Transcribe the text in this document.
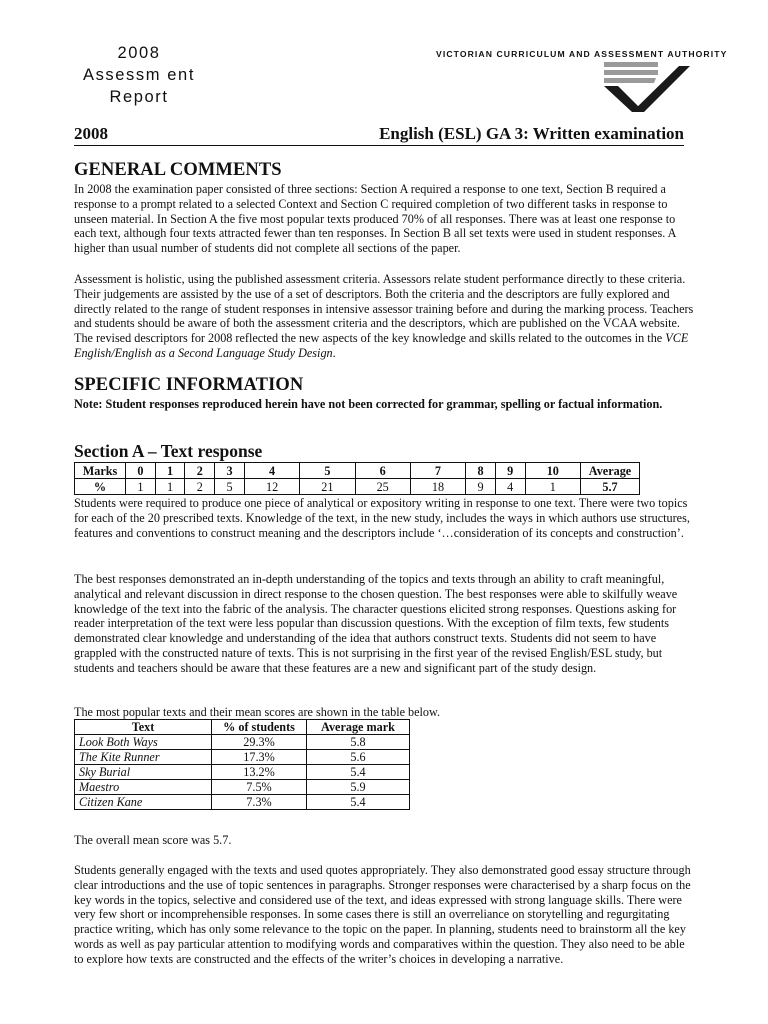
2008
Assessm ent
Report
VICTORIAN CURRICULUM AND ASSESSMENT AUTHORITY
2008	English (ESL) GA 3: Written examination
GENERAL COMMENTS

In 2008 the examination paper consisted of three sections: Section A required a response to one text, Section B required a response to a prompt related to a selected Context and Section C required completion of two different tasks in response to unseen material. In Section A the five most popular texts produced 70% of all responses. There was at least one response to each text, although four texts attracted fewer than ten responses. In Section B all set texts were used in student responses. A higher than usual number of students did not complete all sections of the paper.

Assessment is holistic, using the published assessment criteria. Assessors relate student performance directly to these criteria. Their judgements are assisted by the use of a set of descriptors. Both the criteria and the descriptors are fully explored and directly related to the range of student responses in intensive assessor training before and during the marking process. Teachers and students should be aware of both the assessment criteria and the descriptors, which are published on the VCAA website. The revised descriptors for 2008 reflected the new aspects of the key knowledge and skills related to the outcomes in the VCE English/English as a Second Language Study Design.

SPECIFIC INFORMATION
Note: Student responses reproduced herein have not been corrected for grammar, spelling or factual information.
Section A – Text response
Marks	0	1	2	3	4	5	6	7	8	9	10	Average
%	1	1	2	5	12	21	25	18	9	4	1	5.7

Students were required to produce one piece of analytical or expository writing in response to one text. There were two topics for each of the 20 prescribed texts. Knowledge of the text, in the new study, includes the ways in which authors use structures, features and conventions to construct meaning and the descriptors include ‘…consideration of its concepts and construction’.

The best responses demonstrated an in-depth understanding of the topics and texts through an ability to craft meaningful, analytical and relevant discussion in direct response to the chosen question. The best responses were able to skilfully weave knowledge of the text into the fabric of the analysis. The character questions elicited strong responses. Questions asking for reader interpretation of the text were less popular than discussion questions. With the exception of film texts, few students demonstrated clear knowledge and understanding of the idea that authors construct texts. Students did not seem to have grappled with the constructed nature of texts. This is not surprising in the first year of the revised English/ESL study, but students and teachers should be aware that these features are a new and significant part of the study design.

The most popular texts and their mean scores are shown in the table below.

Text	% of students	Average mark
Look Both Ways	29.3%	5.8
The Kite Runner	17.3%	5.6
Sky Burial	13.2%	5.4
Maestro	7.5%	5.9
Citizen Kane	7.3%	5.4

The overall mean score was 5.7.

Students generally engaged with the texts and used quotes appropriately. They also demonstrated good essay structure through clear introductions and the use of topic sentences in paragraphs. Stronger responses were characterised by a sharp focus on the key words in the topics, selective and considered use of the text, and ideas expressed with strong language skills. There were very few short or incomprehensible responses. In some cases there is still an overreliance on storytelling and regurgitating practice writing, which has only some relevance to the topic on the paper. In planning, students need to brainstorm all the key words as well as pay particular attention to modifying words and comparatives within the question. They also need to be able to explore how texts are constructed and the effects of the writer’s choices in developing a narrative.
